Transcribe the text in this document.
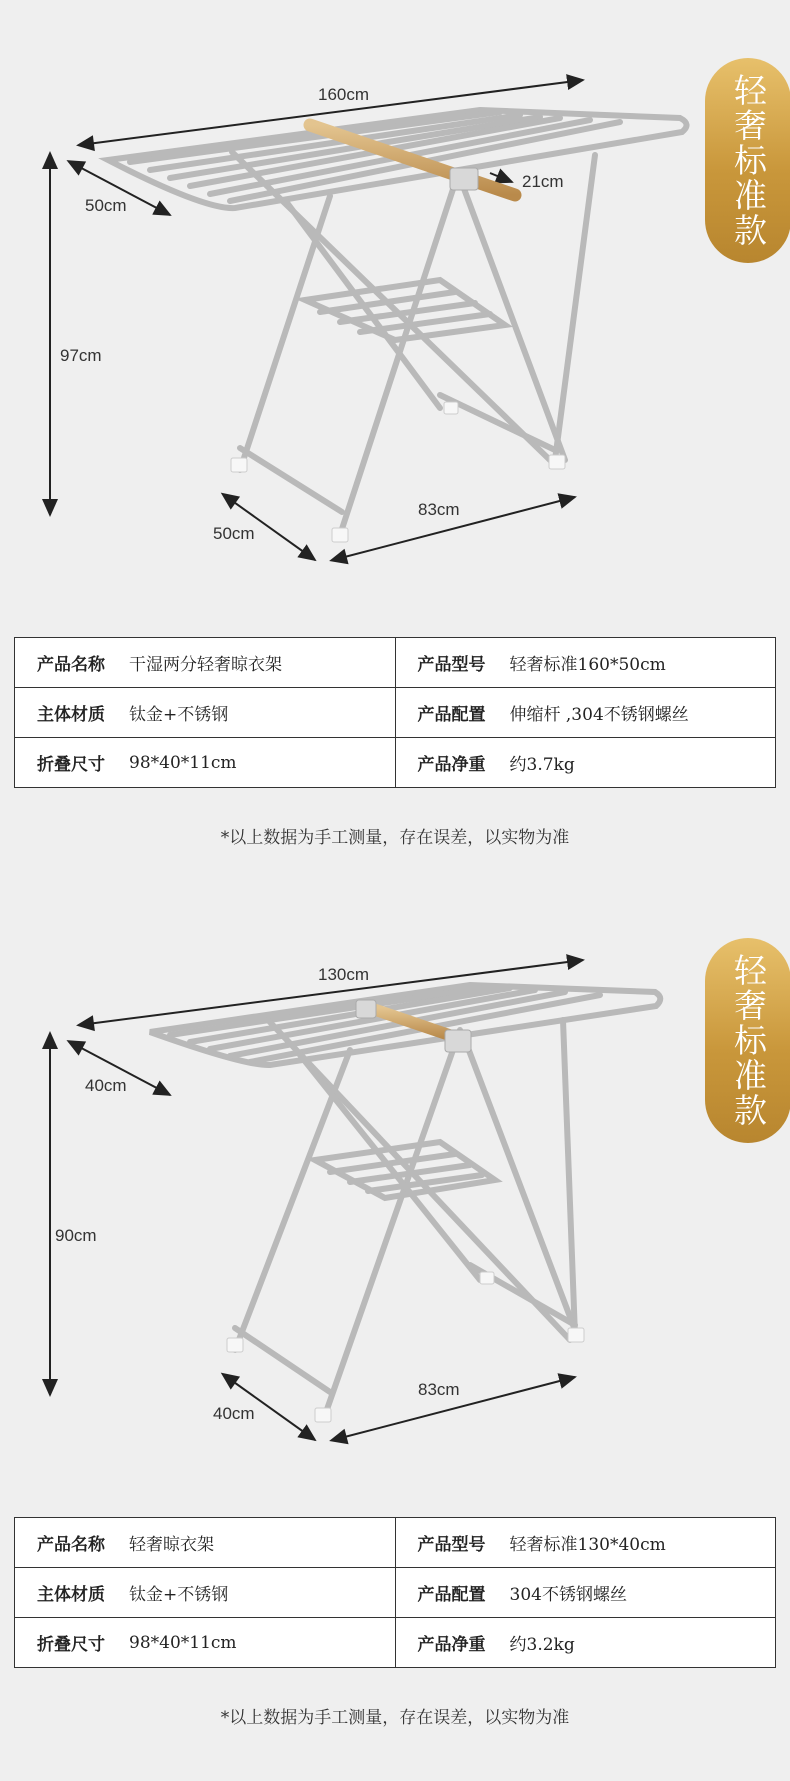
160cm
50cm
21cm
97cm
50cm
83cm
轻奢标准款
产品名称	干湿两分轻奢晾衣架	产品型号	轻奢标准160*50cm
主体材质	钛金+不锈钢	产品配置	伸缩杆 ,304不锈钢螺丝
折叠尺寸	98*40*11cm	产品净重	约3.7kg
*以上数据为手工测量，存在误差，以实物为准
130cm
40cm
90cm
40cm
83cm
轻奢标准款
产品名称	轻奢晾衣架	产品型号	轻奢标准130*40cm
主体材质	钛金+不锈钢	产品配置	304不锈钢螺丝
折叠尺寸	98*40*11cm	产品净重	约3.2kg
*以上数据为手工测量，存在误差，以实物为准
